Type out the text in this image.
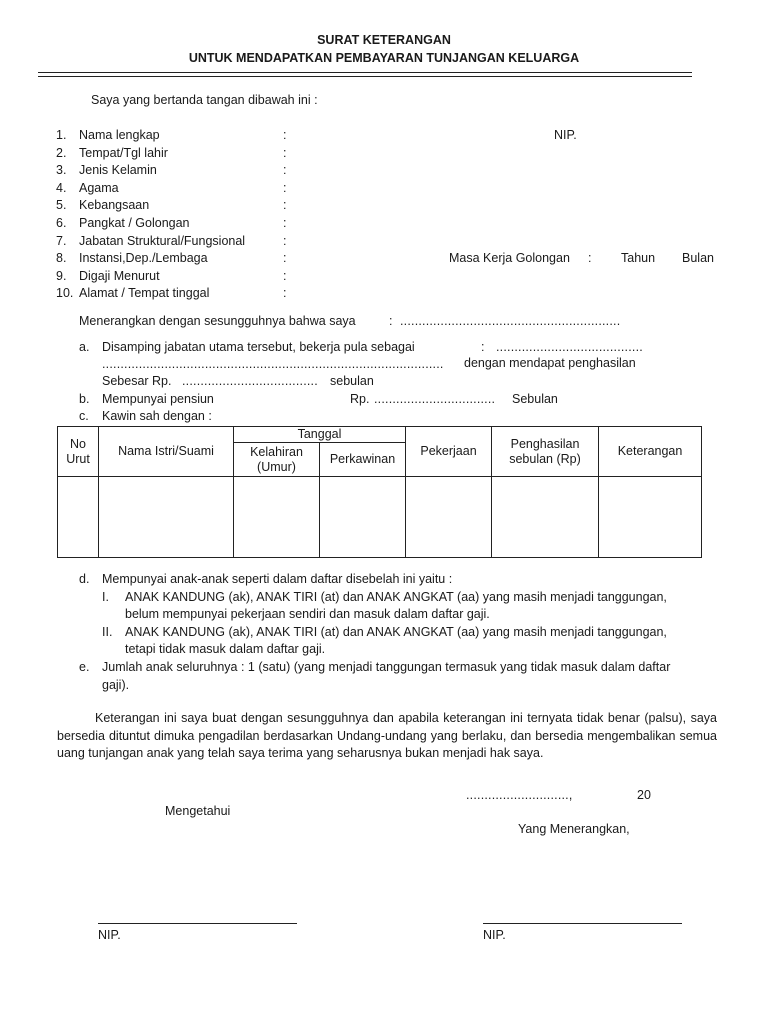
SURAT KETERANGAN
UNTUK MENDAPATKAN PEMBAYARAN TUNJANGAN KELUARGA
Saya yang bertanda tangan dibawah ini :
1. Nama lengkap	:
2. Tempat/Tgl lahir	:
3. Jenis Kelamin	:
4. Agama	:
5. Kebangsaan	:
6. Pangkat / Golongan	:
7. Jabatan Struktural/Fungsional	:
8. Instansi,Dep./Lembaga	:
9. Digaji Menurut	:
10. Alamat / Tempat tinggal	:
NIP.
Masa Kerja Golongan : Tahun Bulan
Menerangkan dengan sesungguhnya bahwa saya	: ............................................................
a. Disamping jabatan utama tersebut, bekerja pula sebagai	: ........................................
............................................................................................. dengan mendapat penghasilan
Sebesar Rp. ..................................... sebulan
b. Mempunyai pensiun	Rp. ................................. Sebulan
c. Kawin sah dengan :
No Urut	Nama Istri/Suami	Tanggal		Pekerjaan	Penghasilan sebulan (Rp)	Keterangan
		Kelahiran (Umur)	Perkawinan			

d. Mempunyai anak-anak seperti dalam daftar disebelah ini yaitu :
I. ANAK KANDUNG (ak), ANAK TIRI (at) dan ANAK ANGKAT (aa) yang masih menjadi tanggungan,
belum mempunyai pekerjaan sendiri dan masuk dalam daftar gaji.
II. ANAK KANDUNG (ak), ANAK TIRI (at) dan ANAK ANGKAT (aa) yang masih menjadi tanggungan,
tetapi tidak masuk dalam daftar gaji.
e. Jumlah anak seluruhnya : 1 (satu) (yang menjadi tanggungan termasuk yang tidak masuk dalam daftar
gaji).
Keterangan ini saya buat dengan sesungguhnya dan apabila keterangan ini ternyata tidak benar (palsu), saya bersedia dituntut dimuka pengadilan berdasarkan Undang-undang yang berlaku, dan bersedia mengembalikan semua uang tunjangan anak yang telah saya terima yang seharusnya bukan menjadi hak saya.
............................,	20
Mengetahui
Yang Menerangkan,
NIP.	NIP.
